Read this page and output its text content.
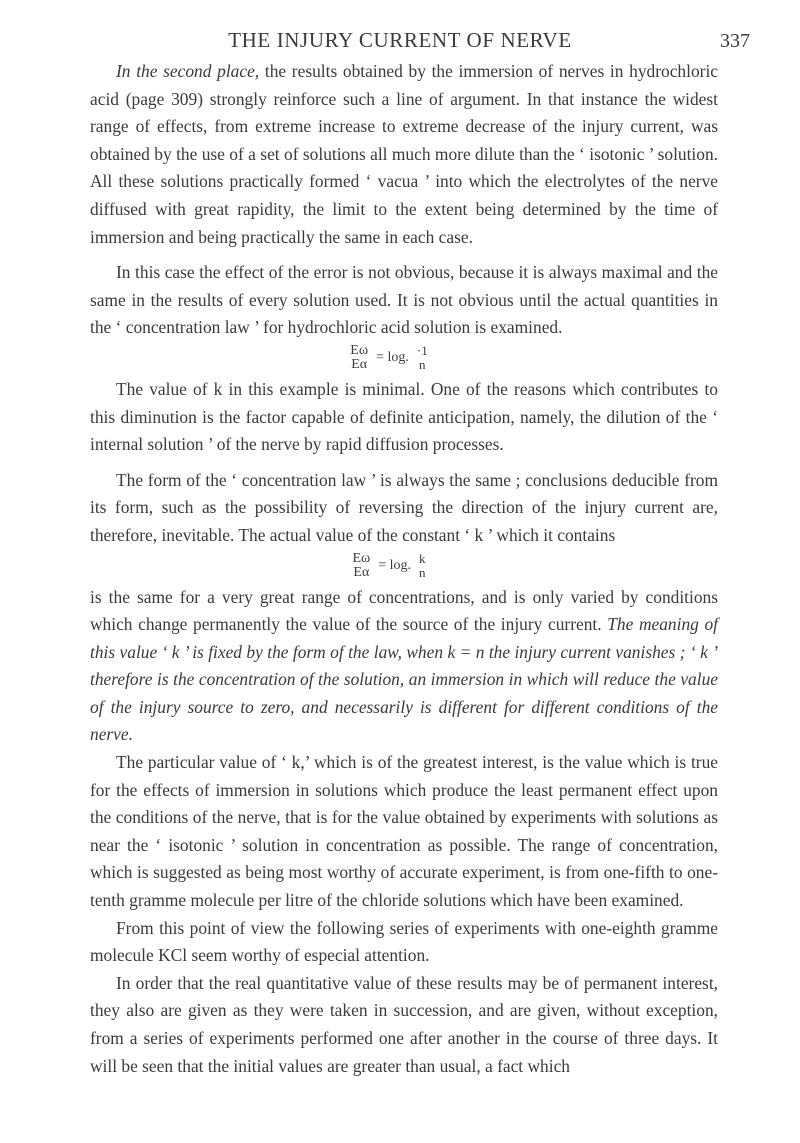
THE INJURY CURRENT OF NERVE	337

In the second place, the results obtained by the immersion of nerves in hydrochloric acid (page 309) strongly reinforce such a line of argument. In that instance the widest range of effects, from extreme increase to extreme decrease of the injury current, was obtained by the use of a set of solutions all much more dilute than the ‘ isotonic ’ solution. All these solutions practically formed ‘ vacua ’ into which the electrolytes of the nerve diffused with great rapidity, the limit to the extent being determined by the time of immersion and being practically the same in each case.

In this case the effect of the error is not obvious, because it is always maximal and the same in the results of every solution used. It is not obvious until the actual quantities in the ‘ concentration law ’ for hydrochloric acid solution is examined.

Eω
Eα = log. ·1
n

The value of k in this example is minimal. One of the reasons which contributes to this diminution is the factor capable of definite anticipation, namely, the dilution of the ‘ internal solution ’ of the nerve by rapid diffusion processes.

The form of the ‘ concentration law ’ is always the same ; conclusions deducible from its form, such as the possibility of reversing the direction of the injury current are, therefore, inevitable. The actual value of the constant ‘ k ’ which it contains

Eω
Eα = log. k
n

is the same for a very great range of concentrations, and is only varied by conditions which change permanently the value of the source of the injury current. The meaning of this value ‘ k ’ is fixed by the form of the law, when k = n the injury current vanishes ; ‘ k ’ therefore is the concentration of the solution, an immersion in which will reduce the value of the injury source to zero, and necessarily is different for different conditions of the nerve.

The particular value of ‘ k,’ which is of the greatest interest, is the value which is true for the effects of immersion in solutions which produce the least permanent effect upon the conditions of the nerve, that is for the value obtained by experiments with solutions as near the ‘ isotonic ’ solution in concentration as possible. The range of concentration, which is suggested as being most worthy of accurate experiment, is from one-fifth to one-tenth gramme molecule per litre of the chloride solutions which have been examined.

From this point of view the following series of experiments with one-eighth gramme molecule KCl seem worthy of especial attention.

In order that the real quantitative value of these results may be of permanent interest, they also are given as they were taken in succession, and are given, without exception, from a series of experiments performed one after another in the course of three days. It will be seen that the initial values are greater than usual, a fact which
